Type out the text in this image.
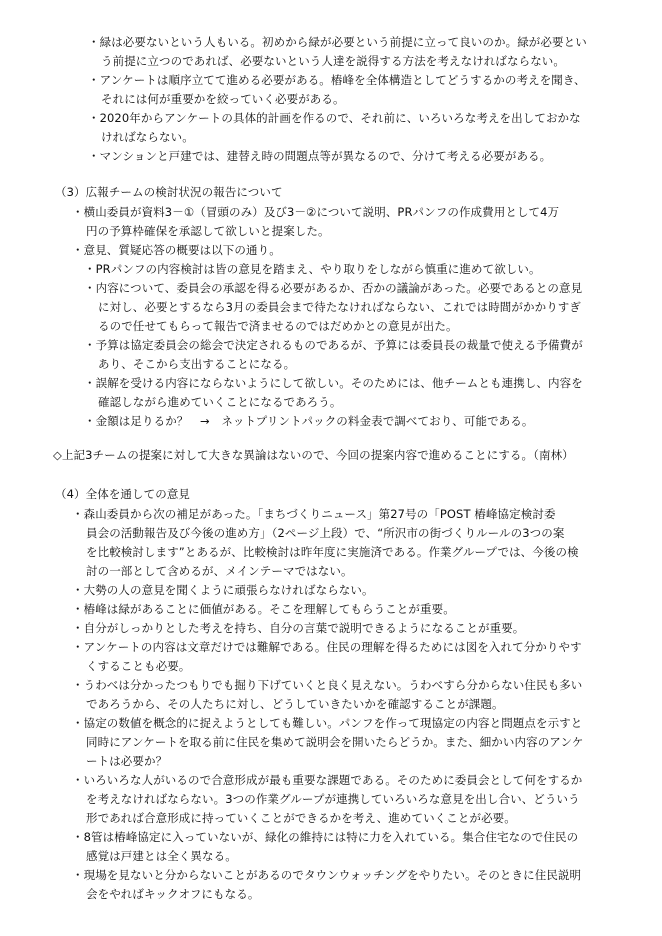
・緑は必要ないという人もいる。初めから緑が必要という前提に立って良いのか。緑が必要とい
う前提に立つのであれば、必要ないという人達を説得する方法を考えなければならない。
・アンケートは順序立てて進める必要がある。樁峰を全体構造としてどうするかの考えを聞き、
それには何が重要かを絞っていく必要がある。
・2020年からアンケートの具体的計画を作るので、それ前に、いろいろな考えを出しておかな
ければならない。
・マンションと戸建では、建替え時の問題点等が異なるので、分けて考える必要がある。
（3）広報チームの検討状況の報告について
・横山委員が資料3－①（冒頭のみ）及び3－②について説明、PRパンフの作成費用として4万
円の予算枠確保を承認して欲しいと提案した。
・意見、質疑応答の概要は以下の通り。
・PRパンフの内容検討は皆の意見を踏まえ、やり取りをしながら慎重に進めて欲しい。
・内容について、委員会の承認を得る必要があるか、否かの議論があった。必要であるとの意見
に対し、必要とするなら3月の委員会まで待たなければならない、これでは時間がかかりすぎ
るので任せてもらって報告で済ませるのではだめかとの意見が出た。
・予算は協定委員会の総会で決定されるものであるが、予算には委員長の裁量で使える予備費が
あり、そこから支出することになる。
・誤解を受ける内容にならないようにして欲しい。そのためには、他チームとも連携し、内容を
確認しながら進めていくことになるであろう。
・金額は足りるか？　→　ネットプリントパックの料金表で調べており、可能である。
◇上記3チームの提案に対して大きな異論はないので、今回の提案内容で進めることにする。（南林）
（4）全体を通しての意見
・森山委員から次の補足があった。「まちづくりニュース」第27号の「POST 樁峰協定検討委
員会の活動報告及び今後の進め方」（2ページ上段）で、“所沢市の街づくりルールの3つの案
を比較検討します”とあるが、比較検討は昨年度に実施済である。作業グループでは、今後の検
討の一部として含めるが、メインテーマではない。
・大勢の人の意見を聞くように頑張らなければならない。
・樁峰は緑があることに価値がある。そこを理解してもらうことが重要。
・自分がしっかりとした考えを持ち、自分の言葉で説明できるようになることが重要。
・アンケートの内容は文章だけでは難解である。住民の理解を得るためには図を入れて分かりやす
くすることも必要。
・うわべは分かったつもりでも掘り下げていくと良く見えない。うわべすら分からない住民も多い
であろうから、その人たちに対し、どうしていきたいかを確認することが課題。
・協定の数値を概念的に捉えようとしても難しい。パンフを作って現協定の内容と問題点を示すと
同時にアンケートを取る前に住民を集めて説明会を開いたらどうか。また、細かい内容のアンケ
ートは必要か？
・いろいろな人がいるので合意形成が最も重要な課題である。そのために委員会として何をするか
を考えなければならない。3つの作業グループが連携していろいろな意見を出し合い、どういう
形であれば合意形成に持っていくことができるかを考え、進めていくことが必要。
・8管は樁峰協定に入っていないが、緑化の維持には特に力を入れている。集合住宅なので住民の
感覚は戸建とは全く異なる。
・現場を見ないと分からないことがあるのでタウンウォッチングをやりたい。そのときに住民説明
会をやればキックオフにもなる。
